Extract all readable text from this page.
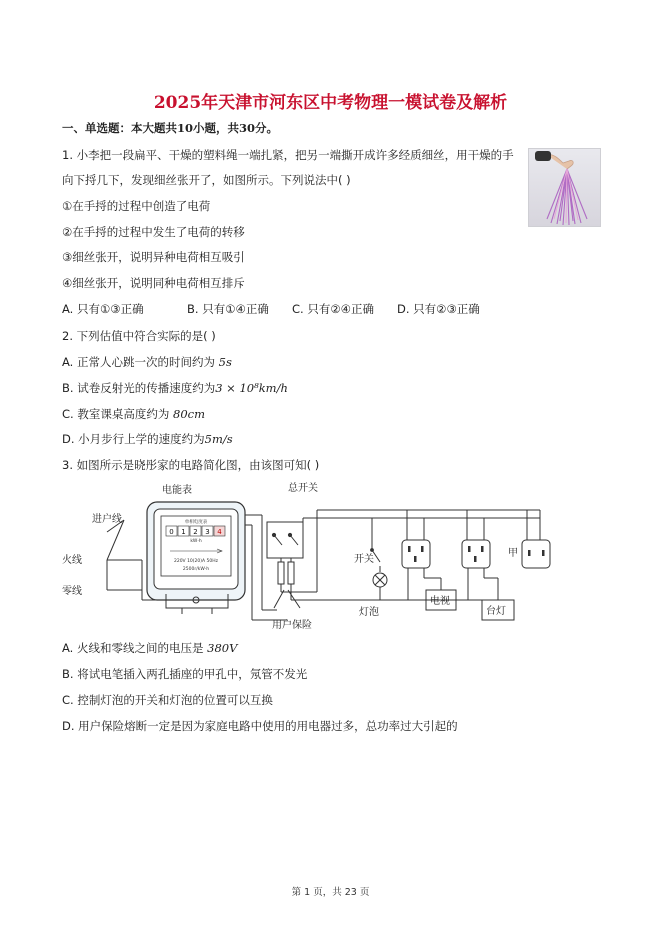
2025年天津市河东区中考物理一模试卷及解析
一、单选题：本大题共10小题，共30分。
1. 小李把一段扁平、干燥的塑料绳一端扎紧，把另一端撕开成许多经质细丝，用干燥的手
向下捋几下，发现细丝张开了，如图所示。下列说法中( )
①在手捋的过程中创造了电荷
②在手捋的过程中发生了电荷的转移
③细丝张开，说明异种电荷相互吸引
④细丝张开，说明同种电荷相互排斥
A. 只有①③正确	B. 只有①④正确 C. 只有②④正确 D. 只有②③正确
2. 下列估值中符合实际的是( )
A. 正常人心跳一次的时间约为 5s
B. 试卷反射光的传播速度约为3 × 10⁸km/h
C. 教室课桌高度约为 80cm
D. 小月步行上学的速度约为5m/s
3. 如图所示是晓彤家的电路简化图，由该图可知( )
单相电度表
0 1 2 3 4
kW·h
220V 10(20)A 50Hz
2500r/kW·h
电能表	总开关
进户线
火线
零线
用户保险
开关
灯泡
电视
台灯
甲
A. 火线和零线之间的电压是 380V
B. 将试电笔插入两孔插座的甲孔中，氖管不发光
C. 控制灯泡的开关和灯泡的位置可以互换
D. 用户保险熔断一定是因为家庭电路中使用的用电器过多，总功率过大引起的
第 1 页，共 23 页
